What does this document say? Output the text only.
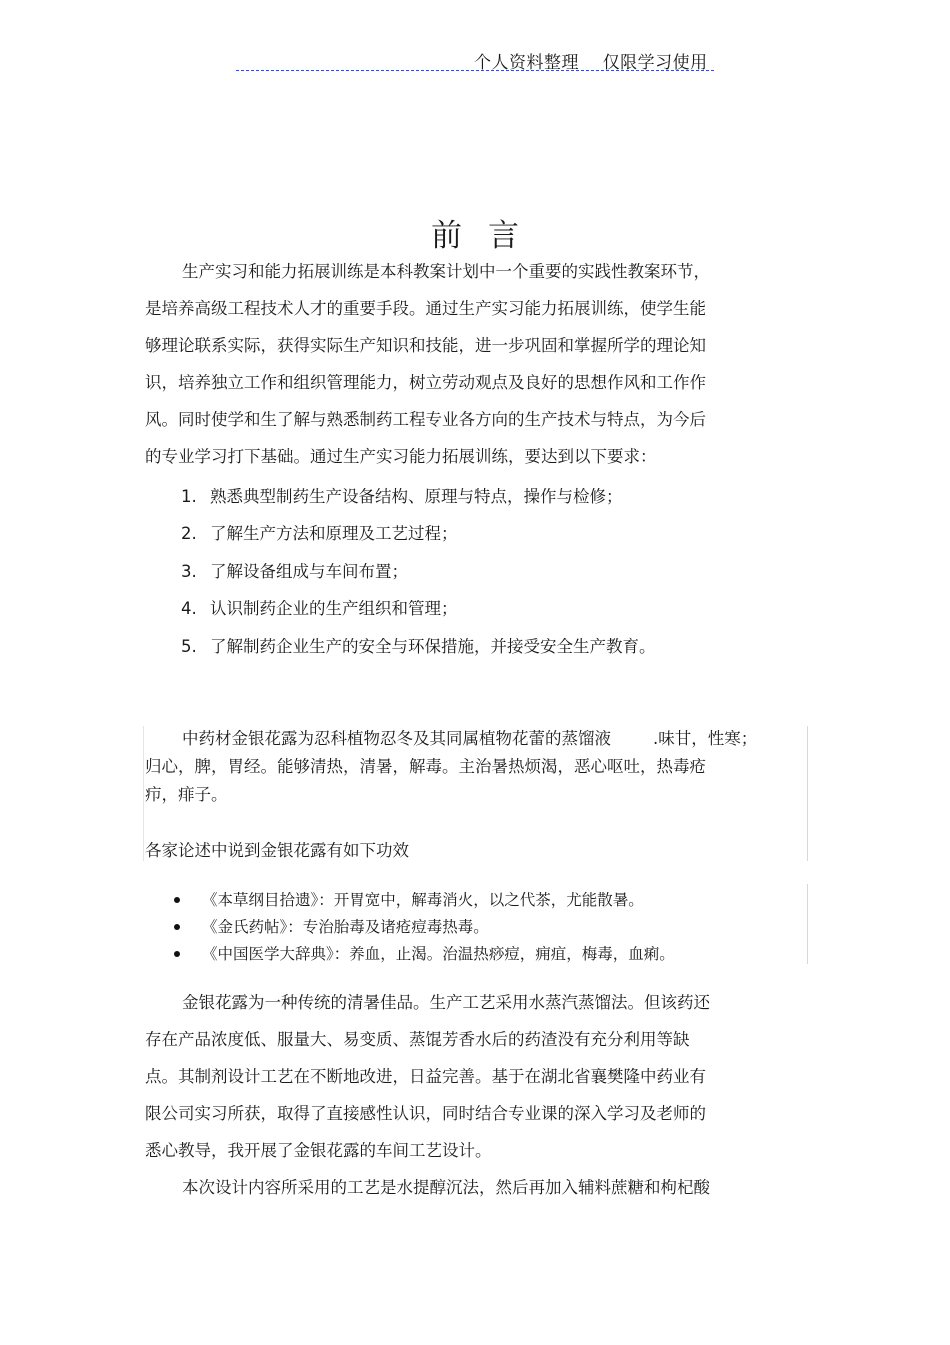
个人资料整理    仅限学习使用
前言
生产实习和能力拓展训练是本科教案计划中一个重要的实践性教案环节，
是培养高级工程技术人才的重要手段。通过生产实习能力拓展训练，使学生能
够理论联系实际，获得实际生产知识和技能，进一步巩固和掌握所学的理论知
识，培养独立工作和组织管理能力，树立劳动观点及良好的思想作风和工作作
风。同时使学和生了解与熟悉制药工程专业各方向的生产技术与特点，为今后
的专业学习打下基础。通过生产实习能力拓展训练，要达到以下要求：
1. 熟悉典型制药生产设备结构、原理与特点，操作与检修；
2. 了解生产方法和原理及工艺过程；
3. 了解设备组成与车间布置；
4. 认识制药企业的生产组织和管理；
5. 了解制药企业生产的安全与环保措施，并接受安全生产教育。
中药材金银花露为忍科植物忍冬及其同属植物花蕾的蒸馏液        .味甘，性寒；
归心，脾，胃经。能够清热，清暑，解毒。主治暑热烦渴，恶心呕吐，热毒疮
疖，痱子。
各家论述中说到金银花露有如下功效
《本草纲目拾遗》：开胃宽中，解毒消火，以之代茶，尤能散暑。
《金氏药帖》：专治胎毒及诸疮痘毒热毒。
《中国医学大辞典》：养血，止渴。治温热痧痘，痈疽，梅毒，血痢。
金银花露为一种传统的清暑佳品。生产工艺采用水蒸汽蒸馏法。但该药还
存在产品浓度低、服量大、易变质、蒸馄芳香水后的药渣没有充分利用等缺
点。其制剂设计工艺在不断地改进，日益完善。基于在湖北省襄樊隆中药业有
限公司实习所获，取得了直接感性认识，同时结合专业课的深入学习及老师的
悉心教导，我开展了金银花露的车间工艺设计。
本次设计内容所采用的工艺是水提醇沉法，然后再加入辅料蔗糖和枸杞酸
